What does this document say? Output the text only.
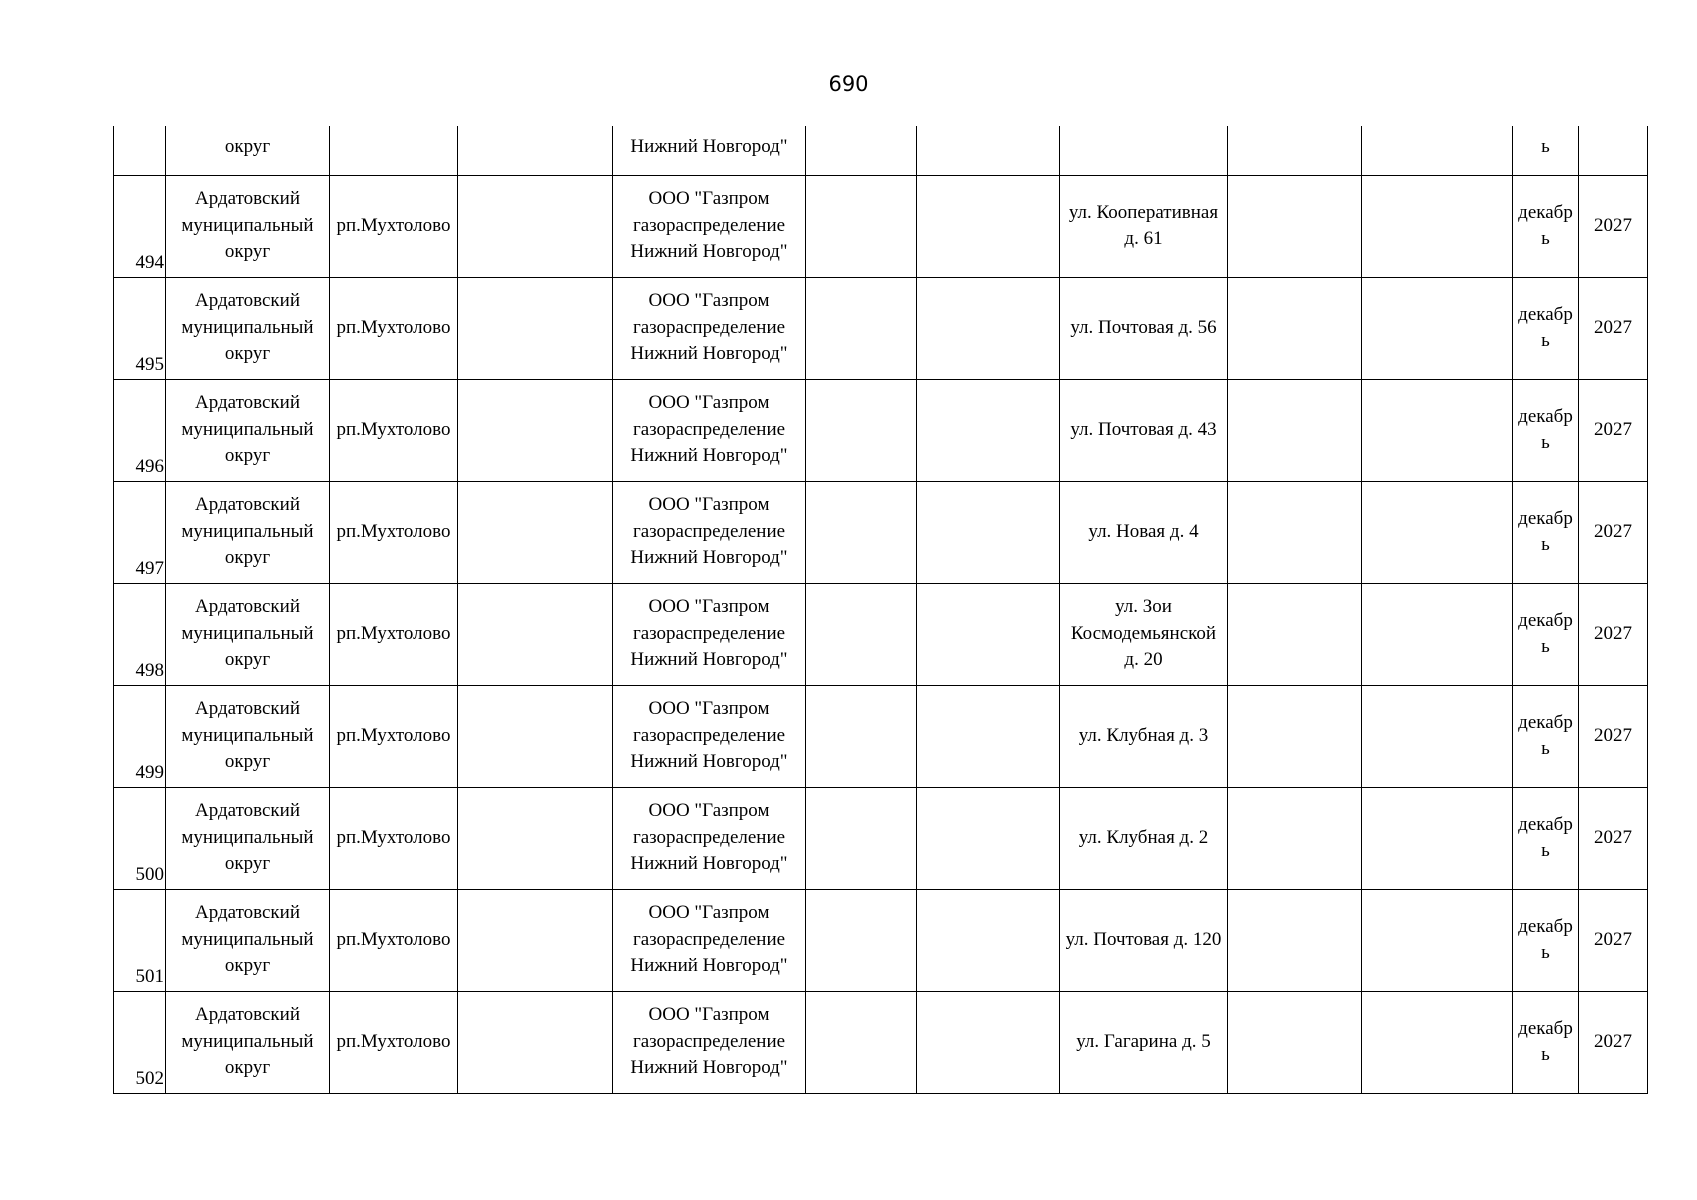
690
	округ			Нижний Новгород"						ь	
494	Ардатовский муниципальный округ	рп.Мухтолово		ООО "Газпром газораспределение Нижний Новгород"			ул. Кооперативная д. 61			декабрь	2027
495	Ардатовский муниципальный округ	рп.Мухтолово		ООО "Газпром газораспределение Нижний Новгород"			ул. Почтовая д. 56			декабрь	2027
496	Ардатовский муниципальный округ	рп.Мухтолово		ООО "Газпром газораспределение Нижний Новгород"			ул. Почтовая д. 43			декабрь	2027
497	Ардатовский муниципальный округ	рп.Мухтолово		ООО "Газпром газораспределение Нижний Новгород"			ул. Новая д. 4			декабрь	2027
498	Ардатовский муниципальный округ	рп.Мухтолово		ООО "Газпром газораспределение Нижний Новгород"			ул. Зои Космодемьянской д. 20			декабрь	2027
499	Ардатовский муниципальный округ	рп.Мухтолово		ООО "Газпром газораспределение Нижний Новгород"			ул. Клубная д. 3			декабрь	2027
500	Ардатовский муниципальный округ	рп.Мухтолово		ООО "Газпром газораспределение Нижний Новгород"			ул. Клубная д. 2			декабрь	2027
501	Ардатовский муниципальный округ	рп.Мухтолово		ООО "Газпром газораспределение Нижний Новгород"			ул. Почтовая д. 120			декабрь	2027
502	Ардатовский муниципальный округ	рп.Мухтолово		ООО "Газпром газораспределение Нижний Новгород"			ул. Гагарина д. 5			декабрь	2027
